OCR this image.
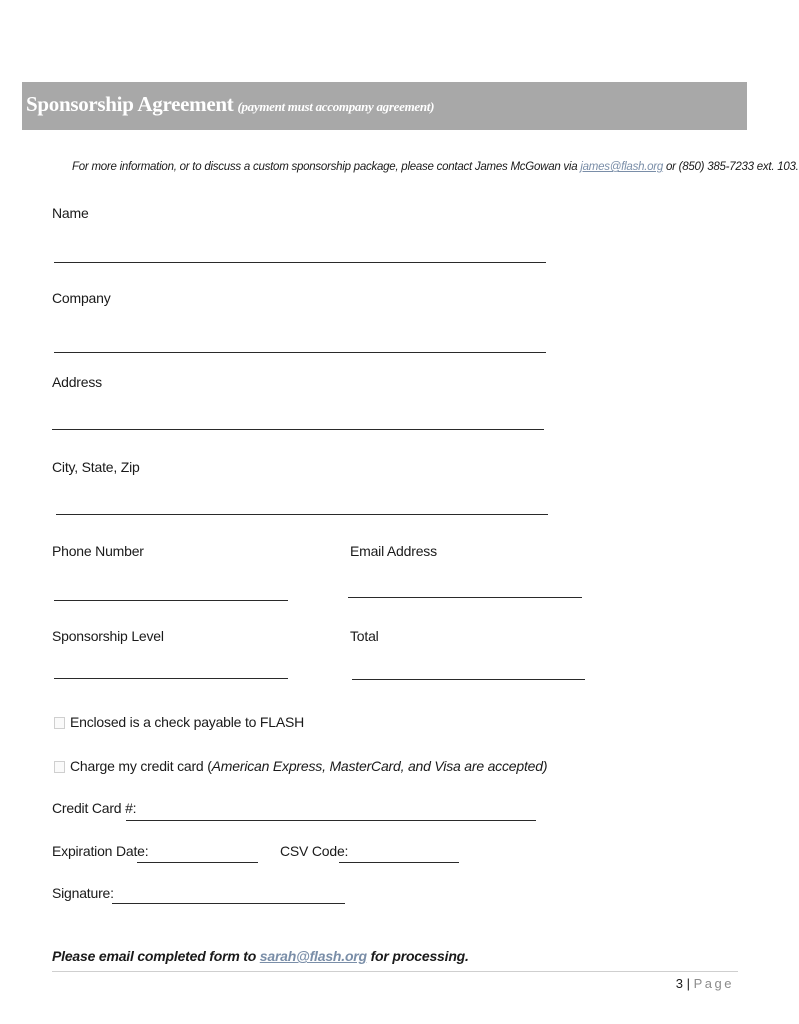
Sponsorship Agreement (payment must accompany agreement)
For more information, or to discuss a custom sponsorship package, please contact James McGowan via james@flash.org or (850) 385-7233 ext. 103.
Name
Company
Address
City, State, Zip
Phone Number	Email Address
Sponsorship Level	Total
Enclosed is a check payable to FLASH
Charge my credit card (American Express, MasterCard, and Visa are accepted)
Credit Card #:
Expiration Date:	CSV Code:
Signature:
Please email completed form to sarah@flash.org for processing.
3 | Page
